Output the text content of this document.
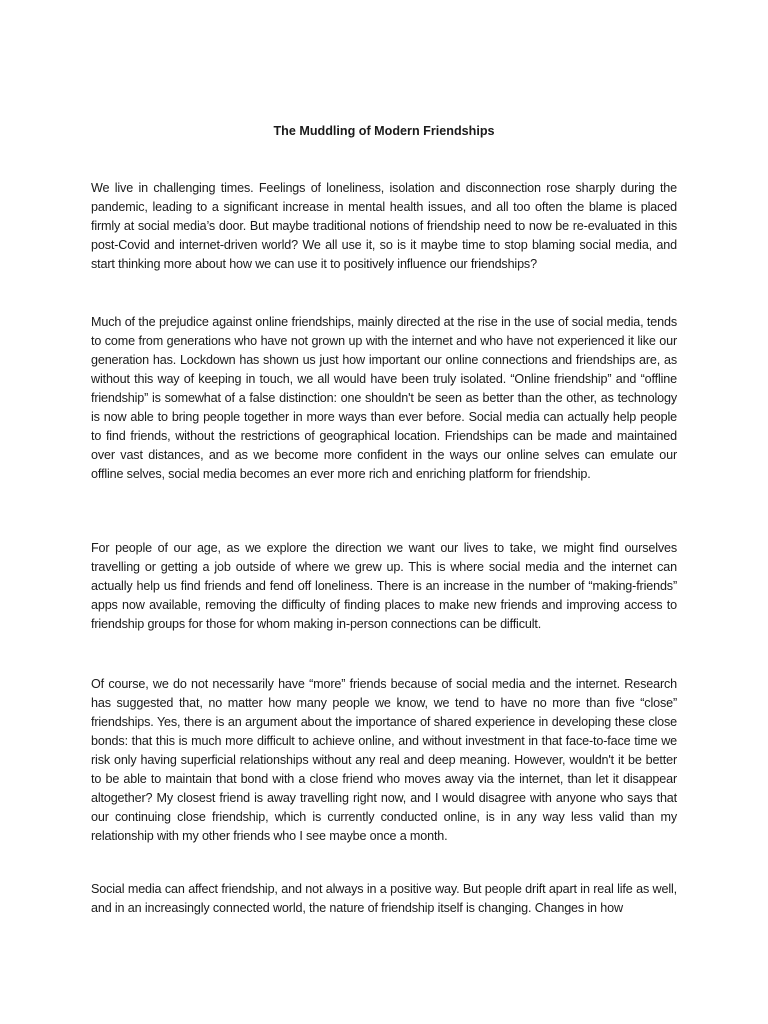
The Muddling of Modern Friendships

We live in challenging times. Feelings of loneliness, isolation and disconnection rose sharply during the pandemic, leading to a significant increase in mental health issues, and all too often the blame is placed firmly at social media’s door. But maybe traditional notions of friendship need to now be re-evaluated in this post-Covid and internet-driven world? We all use it, so is it maybe time to stop blaming social media, and start thinking more about how we can use it to positively influence our friendships?

Much of the prejudice against online friendships, mainly directed at the rise in the use of social media, tends to come from generations who have not grown up with the internet and who have not experienced it like our generation has. Lockdown has shown us just how important our online connections and friendships are, as without this way of keeping in touch, we all would have been truly isolated. “Online friendship” and “offline friendship” is somewhat of a false distinction: one shouldn't be seen as better than the other, as technology is now able to bring people together in more ways than ever before. Social media can actually help people to find friends, without the restrictions of geographical location. Friendships can be made and maintained over vast distances, and as we become more confident in the ways our online selves can emulate our offline selves, social media becomes an ever more rich and enriching platform for friendship.

For people of our age, as we explore the direction we want our lives to take, we might find ourselves travelling or getting a job outside of where we grew up. This is where social media and the internet can actually help us find friends and fend off loneliness. There is an increase in the number of “making-friends” apps now available, removing the difficulty of finding places to make new friends and improving access to friendship groups for those for whom making in-person connections can be difficult.

Of course, we do not necessarily have “more” friends because of social media and the internet. Research has suggested that, no matter how many people we know, we tend to have no more than five “close” friendships. Yes, there is an argument about the importance of shared experience in developing these close bonds: that this is much more difficult to achieve online, and without investment in that face-to-face time we risk only having superficial relationships without any real and deep meaning. However, wouldn't it be better to be able to maintain that bond with a close friend who moves away via the internet, than let it disappear altogether? My closest friend is away travelling right now, and I would disagree with anyone who says that our continuing close friendship, which is currently conducted online, is in any way less valid than my relationship with my other friends who I see maybe once a month.

Social media can affect friendship, and not always in a positive way. But people drift apart in real life as well, and in an increasingly connected world, the nature of friendship itself is changing. Changes in how
